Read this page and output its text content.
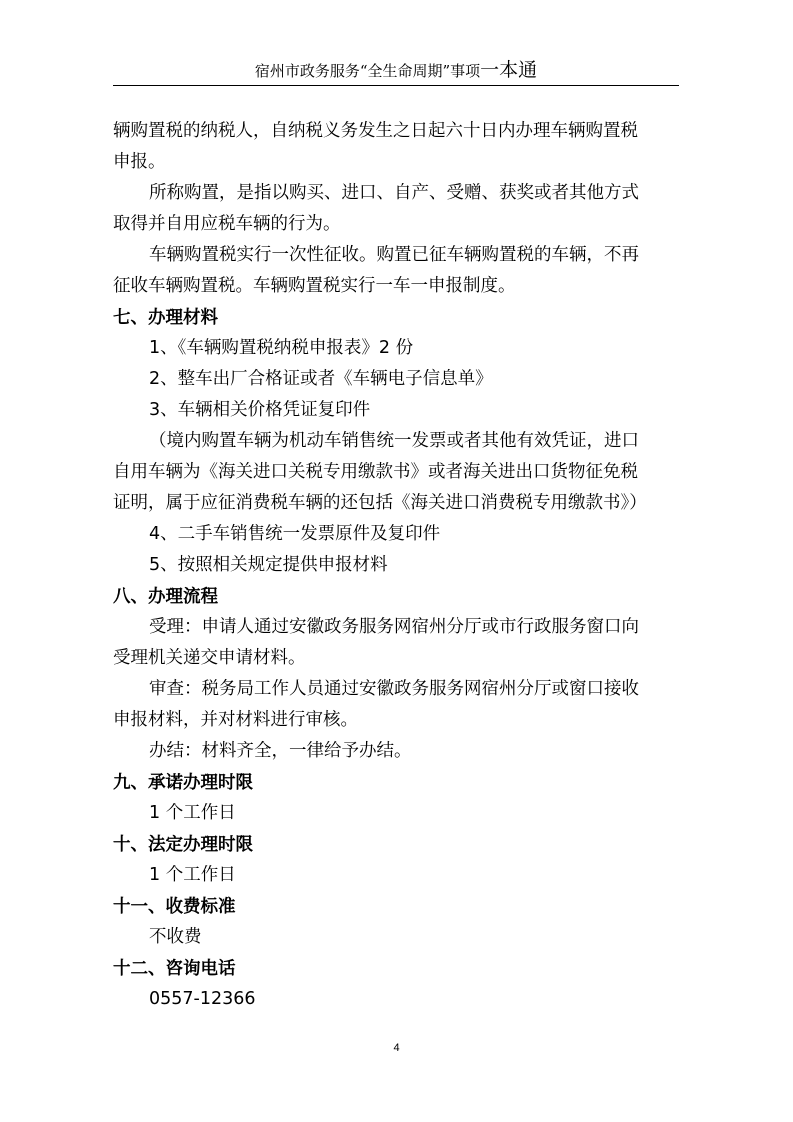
宿州市政务服务“全生命周期”事项一本通
辆购置税的纳税人，自纳税义务发生之日起六十日内办理车辆购置税
申报。
所称购置，是指以购买、进口、自产、受赠、获奖或者其他方式
取得并自用应税车辆的行为。
车辆购置税实行一次性征收。购置已征车辆购置税的车辆，不再
征收车辆购置税。车辆购置税实行一车一申报制度。
七、办理材料
1、《车辆购置税纳税申报表》2 份
2、整车出厂合格证或者《车辆电子信息单》
3、车辆相关价格凭证复印件
（境内购置车辆为机动车销售统一发票或者其他有效凭证，进口
自用车辆为《海关进口关税专用缴款书》或者海关进出口货物征免税
证明，属于应征消费税车辆的还包括《海关进口消费税专用缴款书》）
4、二手车销售统一发票原件及复印件
5、按照相关规定提供申报材料
八、办理流程
受理：申请人通过安徽政务服务网宿州分厅或市行政服务窗口向
受理机关递交申请材料。
审查：税务局工作人员通过安徽政务服务网宿州分厅或窗口接收
申报材料，并对材料进行审核。
办结：材料齐全，一律给予办结。
九、承诺办理时限
1 个工作日
十、法定办理时限
1 个工作日
十一、收费标准
不收费
十二、咨询电话
0557-12366
4
